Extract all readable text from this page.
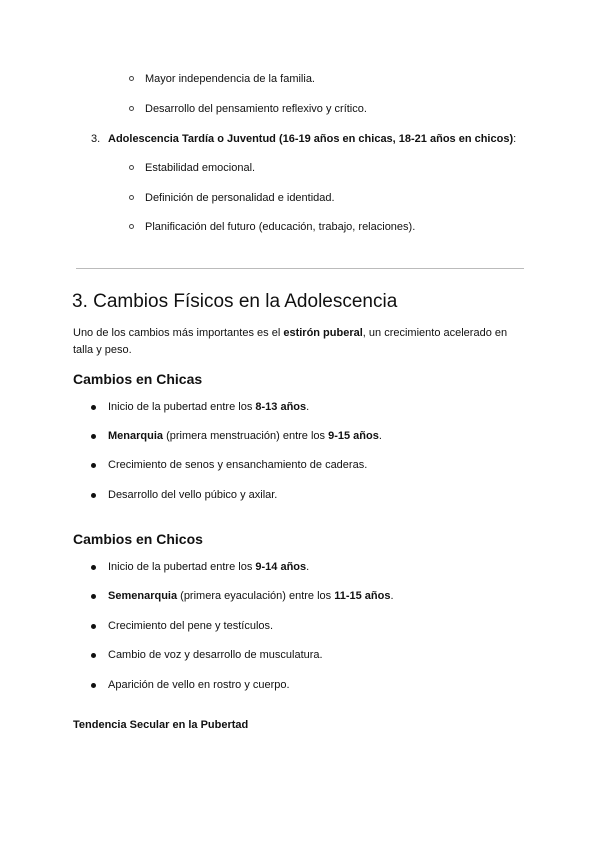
Mayor independencia de la familia.
Desarrollo del pensamiento reflexivo y crítico.
3. Adolescencia Tardía o Juventud (16-19 años en chicas, 18-21 años en chicos):
Estabilidad emocional.
Definición de personalidad e identidad.
Planificación del futuro (educación, trabajo, relaciones).
3. Cambios Físicos en la Adolescencia

Uno de los cambios más importantes es el estirón puberal, un crecimiento acelerado en talla y peso.

Cambios en Chicas
Inicio de la pubertad entre los 8-13 años.
Menarquia (primera menstruación) entre los 9-15 años.
Crecimiento de senos y ensanchamiento de caderas.
Desarrollo del vello púbico y axilar.
Cambios en Chicos
Inicio de la pubertad entre los 9-14 años.
Semenarquia (primera eyaculación) entre los 11-15 años.
Crecimiento del pene y testículos.
Cambio de voz y desarrollo de musculatura.
Aparición de vello en rostro y cuerpo.
Tendencia Secular en la Pubertad
